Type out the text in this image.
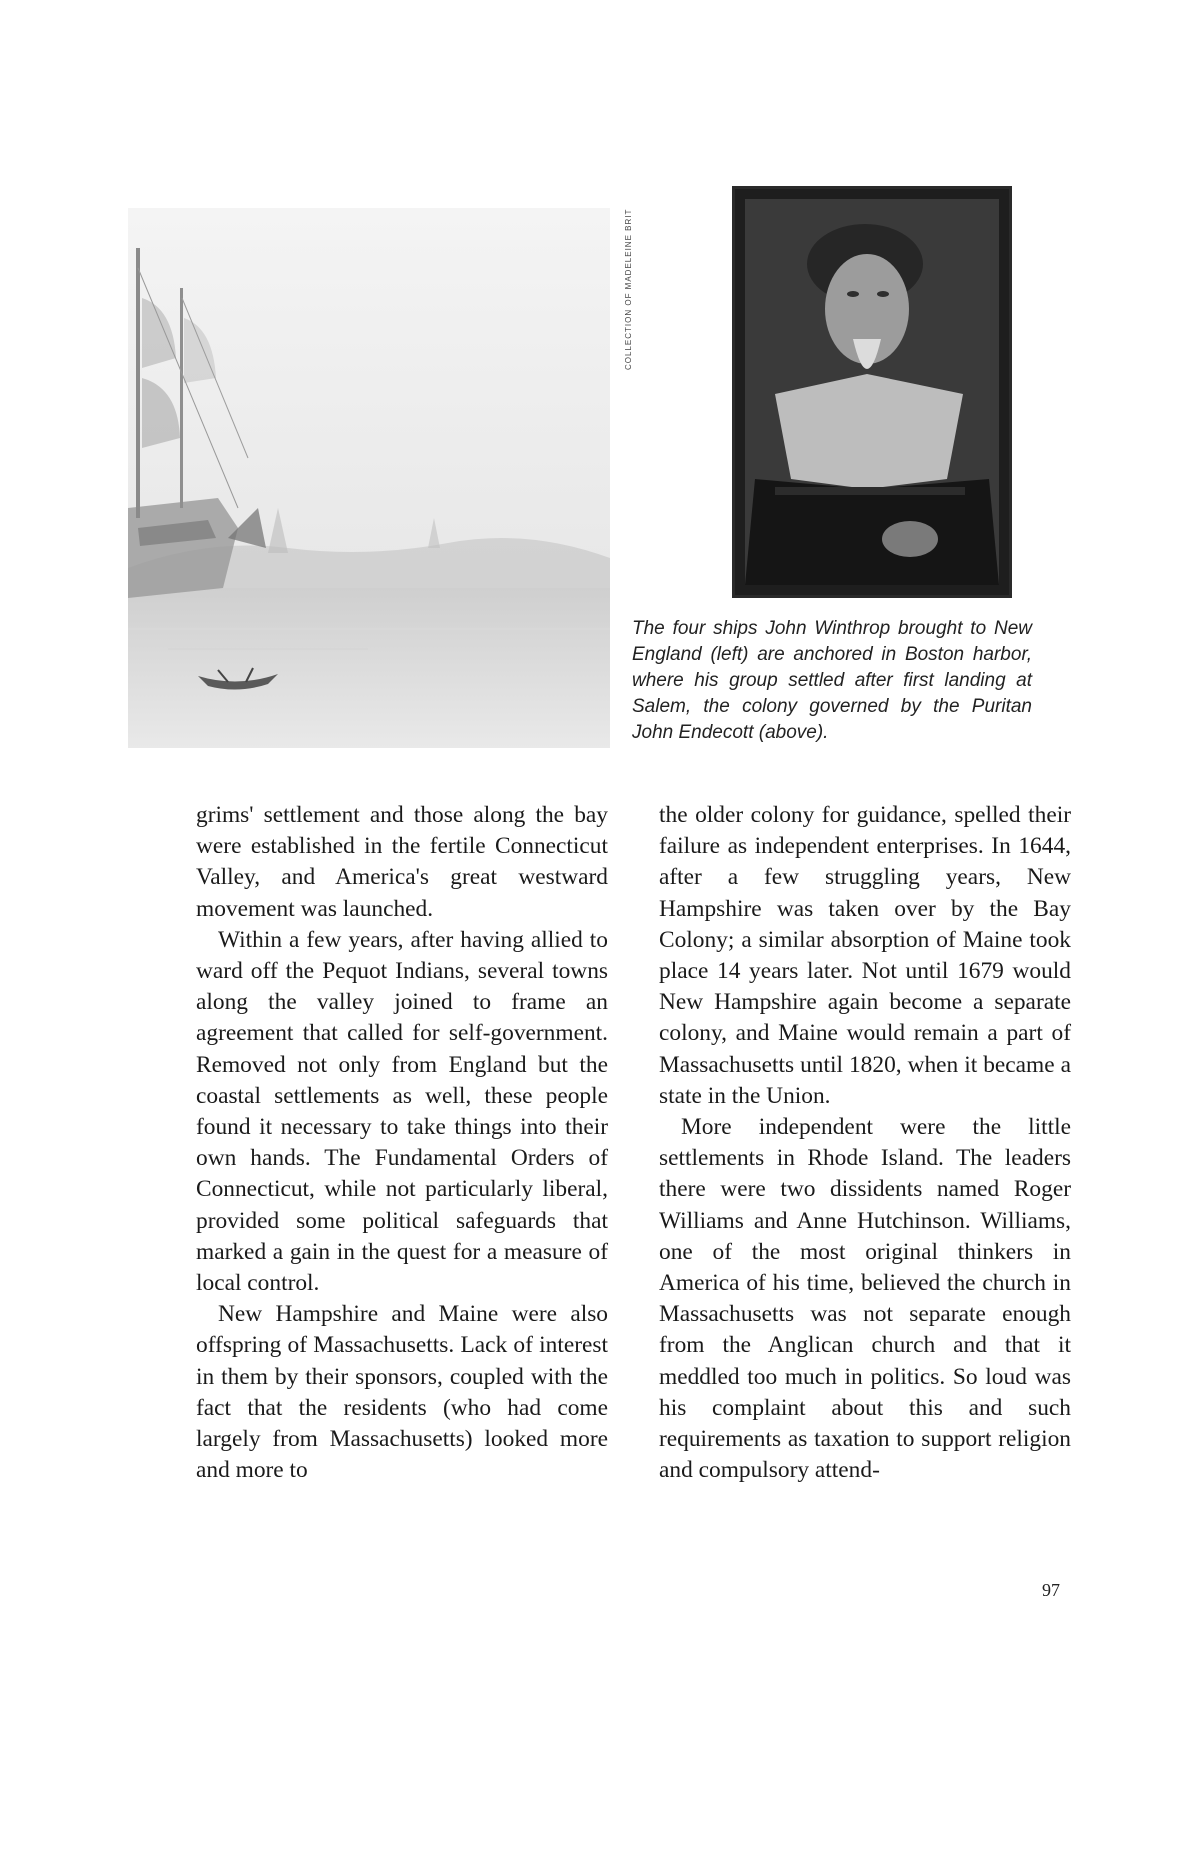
COLLECTION OF MADELEINE BRIT

The four ships John Winthrop brought to New England (left) are anchored in Boston harbor, where his group settled after first landing at Salem, the colony governed by the Puritan John Endecott (above).

grims' settlement and those along the bay were established in the fertile Connecticut Valley, and America's great westward movement was launched.

Within a few years, after having allied to ward off the Pequot Indians, several towns along the valley joined to frame an agreement that called for self-government. Removed not only from England but the coastal settlements as well, these people found it necessary to take things into their own hands. The Fundamental Orders of Connecticut, while not particularly liberal, provided some political safeguards that marked a gain in the quest for a measure of local control.

New Hampshire and Maine were also offspring of Massachusetts. Lack of interest in them by their sponsors, coupled with the fact that the residents (who had come largely from Massachusetts) looked more and more to

the older colony for guidance, spelled their failure as independent enterprises. In 1644, after a few struggling years, New Hampshire was taken over by the Bay Colony; a similar absorption of Maine took place 14 years later. Not until 1679 would New Hampshire again become a separate colony, and Maine would remain a part of Massachusetts until 1820, when it became a state in the Union.

More independent were the little settlements in Rhode Island. The leaders there were two dissidents named Roger Williams and Anne Hutchinson. Williams, one of the most original thinkers in America of his time, believed the church in Massachusetts was not separate enough from the Anglican church and that it meddled too much in politics. So loud was his complaint about this and such requirements as taxation to support religion and compulsory attend-

97
